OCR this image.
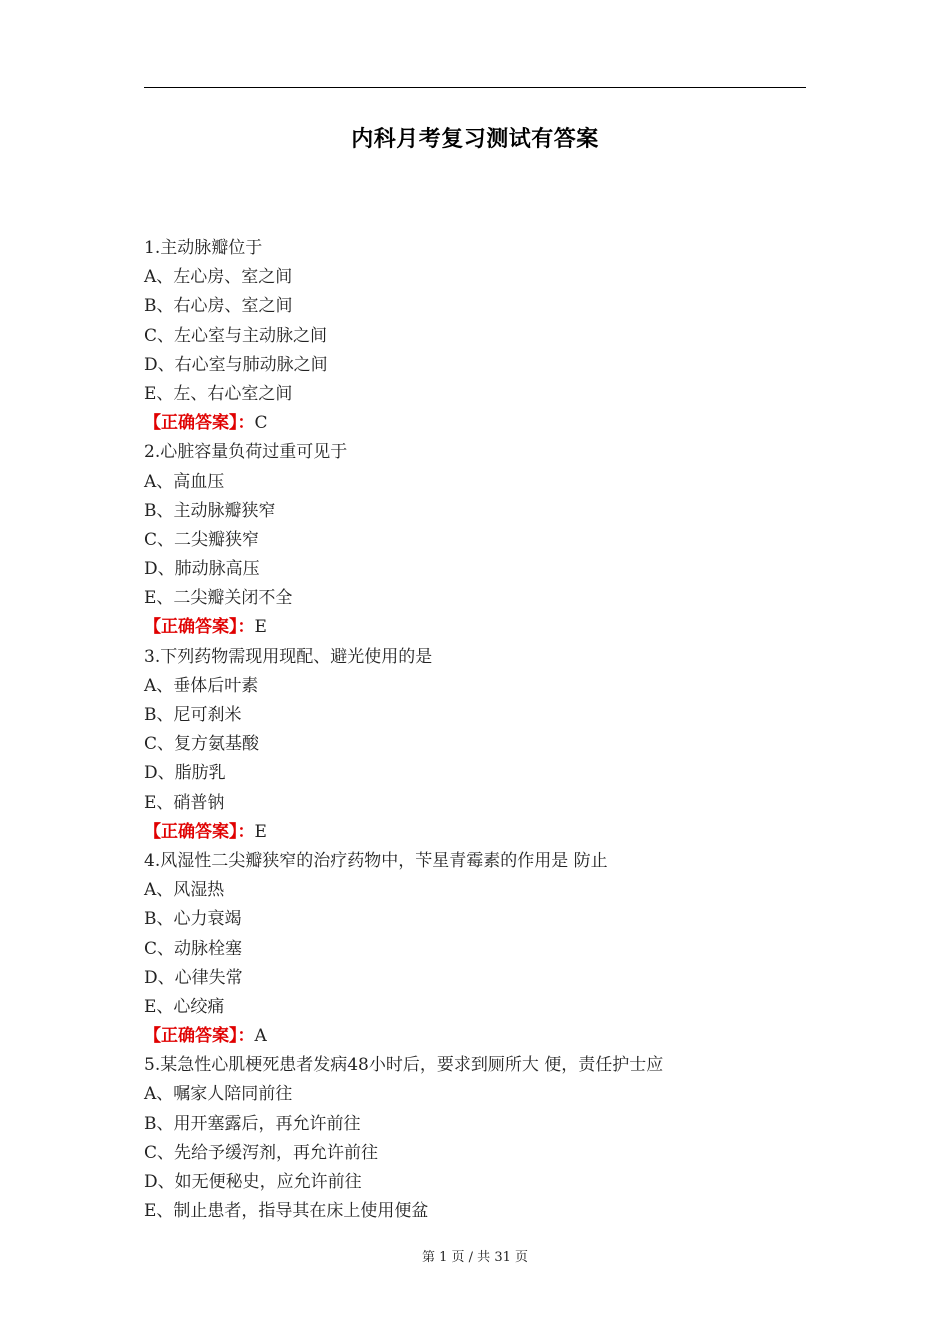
内科月考复习测试有答案
1.主动脉瓣位于
A、左心房、室之间
B、右心房、室之间
C、左心室与主动脉之间
D、右心室与肺动脉之间
E、左、右心室之间
【正确答案】：C
2.心脏容量负荷过重可见于
A、高血压
B、主动脉瓣狭窄
C、二尖瓣狭窄
D、肺动脉高压
E、二尖瓣关闭不全
【正确答案】：E
3.下列药物需现用现配、避光使用的是
A、垂体后叶素
B、尼可刹米
C、复方氨基酸
D、脂肪乳
E、硝普钠
【正确答案】：E
4.风湿性二尖瓣狭窄的治疗药物中，苄星青霉素的作用是 防止
A、风湿热
B、心力衰竭
C、动脉栓塞
D、心律失常
E、心绞痛
【正确答案】：A
5.某急性心肌梗死患者发病48小时后，要求到厕所大 便，责任护士应
A、嘱家人陪同前往
B、用开塞露后，再允许前往
C、先给予缓泻剂，再允许前往
D、如无便秘史，应允许前往
E、制止患者，指导其在床上使用便盆
第 1 页 / 共 31 页
